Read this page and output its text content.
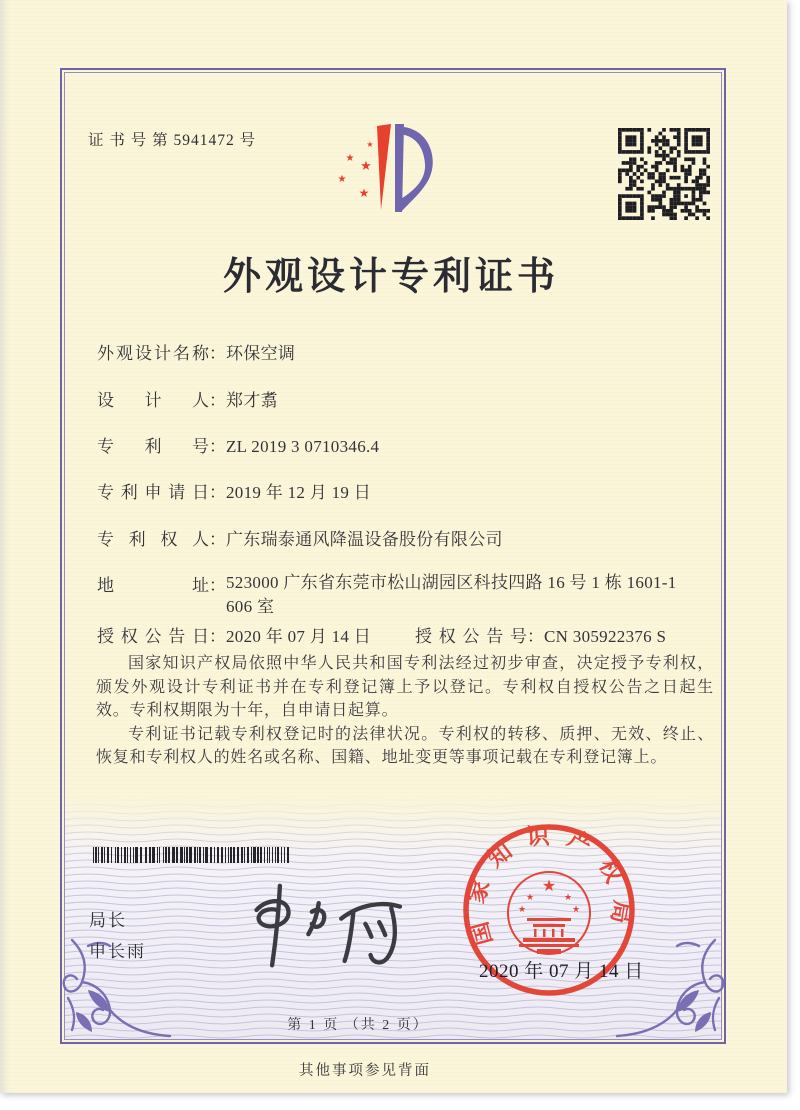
证 书 号 第 5941472 号
★
★
★
★
★
外观设计专利证书
外观设计名称：环保空调
设计人：郑才翥
专利号：ZL 2019 3 0710346.4
专利申请日：2019 年 12 月 19 日
专利权人：广东瑞泰通风降温设备股份有限公司
地址：523000 广东省东莞市松山湖园区科技四路 16 号 1 栋 1601-1
606 室
授权公告日：2020 年 07 月 14 日	授权公告号：CN 305922376 S

国家知识产权局依照中华人民共和国专利法经过初步审查，决定授予专利权，颁发外观设计专利证书并在专利登记簿上予以登记。专利权自授权公告之日起生效。专利权期限为十年，自申请日起算。

专利证书记载专利权登记时的法律状况。专利权的转移、质押、无效、终止、恢复和专利权人的姓名或名称、国籍、地址变更等事项记载在专利登记簿上。

局长
申长雨
国家知识产权局
★
★
★
★
★
2020 年 07 月 14 日
第 1 页 （共 2 页）
其他事项参见背面
